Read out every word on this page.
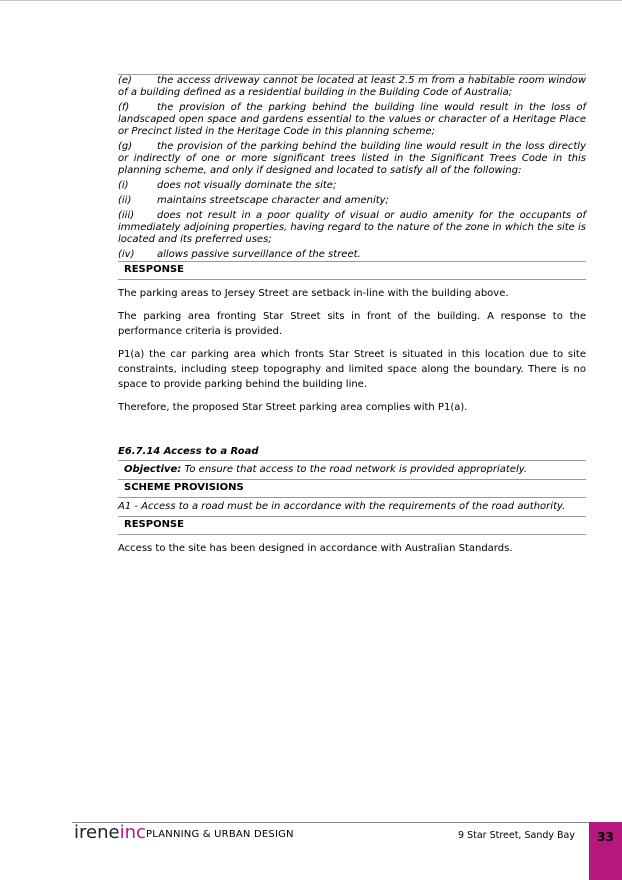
(e)	the access driveway cannot be located at least 2.5 m from a habitable room window of a building defined as a residential building in the Building Code of Australia;

(f)	the provision of the parking behind the building line would result in the loss of landscaped open space and gardens essential to the values or character of a Heritage Place or Precinct listed in the Heritage Code in this planning scheme;

(g) the provision of the parking behind the building line would result in the loss directly or indirectly of one or more significant trees listed in the Significant Trees Code in this planning scheme, and only if designed and located to satisfy all of the following:

(i)	does not visually dominate the site;

(ii)	maintains streetscape character and amenity;

(iii) does not result in a poor quality of visual or audio amenity for the occupants of immediately adjoining properties, having regard to the nature of the zone in which the site is located and its preferred uses;

(iv) allows passive surveillance of the street.

RESPONSE

The parking areas to Jersey Street are setback in-line with the building above.

The parking area fronting Star Street sits in front of the building. A response to the performance criteria is provided.

P1(a) the car parking area which fronts Star Street is situated in this location due to site constraints, including steep topography and limited space along the boundary. There is no space to provide parking behind the building line.

Therefore, the proposed Star Street parking area complies with P1(a).

E6.7.14 Access to a Road
Objective: To ensure that access to the road network is provided appropriately.
SCHEME PROVISIONS
A1 - Access to a road must be in accordance with the requirements of the road authority.
RESPONSE

Access to the site has been designed in accordance with Australian Standards.

ireneinc PLANNING & URBAN DESIGN	9 Star Street, Sandy Bay	33
